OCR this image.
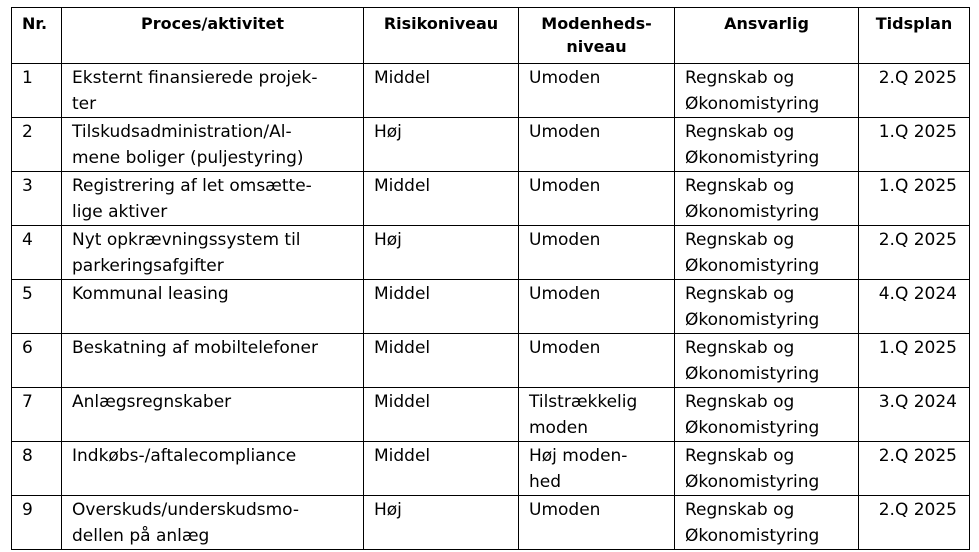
Nr.	Proces/aktivitet	Risikoniveau	Modenheds-
niveau	Ansvarlig	Tidsplan
1	Eksternt finansierede projek-
ter	Middel	Umoden	Regnskab og
Økonomistyring	2.Q 2025
2	Tilskudsadministration/Al-
mene boliger (puljestyring)	Høj	Umoden	Regnskab og
Økonomistyring	1.Q 2025
3	Registrering af let omsætte-
lige aktiver	Middel	Umoden	Regnskab og
Økonomistyring	1.Q 2025
4	Nyt opkrævningssystem til
parkeringsafgifter	Høj	Umoden	Regnskab og
Økonomistyring	2.Q 2025
5	Kommunal leasing	Middel	Umoden	Regnskab og
Økonomistyring	4.Q 2024
6	Beskatning af mobiltelefoner	Middel	Umoden	Regnskab og
Økonomistyring	1.Q 2025
7	Anlægsregnskaber	Middel	Tilstrækkelig
moden	Regnskab og
Økonomistyring	3.Q 2024
8	Indkøbs-/aftalecompliance	Middel	Høj moden-
hed	Regnskab og
Økonomistyring	2.Q 2025
9	Overskuds/underskudsmo-
dellen på anlæg	Høj	Umoden	Regnskab og
Økonomistyring	2.Q 2025
